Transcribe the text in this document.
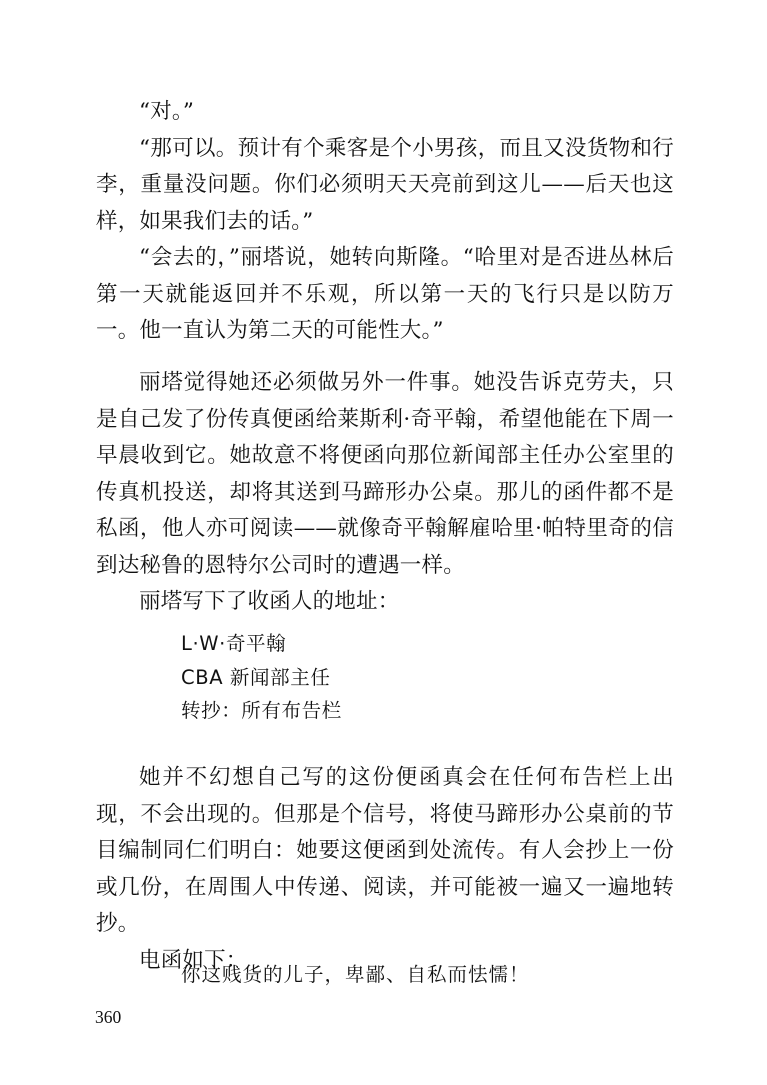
“对。”

“那可以。预计有个乘客是个小男孩，而且又没货物和行李，重量没问题。你们必须明天天亮前到这儿——后天也这样，如果我们去的话。”

“会去的，”丽塔说，她转向斯隆。“哈里对是否进丛林后第一天就能返回并不乐观，所以第一天的飞行只是以防万一。他一直认为第二天的可能性大。”

丽塔觉得她还必须做另外一件事。她没告诉克劳夫，只是自己发了份传真便函给莱斯利·奇平翰，希望他能在下周一早晨收到它。她故意不将便函向那位新闻部主任办公室里的传真机投送，却将其送到马蹄形办公桌。那儿的函件都不是私函，他人亦可阅读——就像奇平翰解雇哈里·帕特里奇的信到达秘鲁的恩特尔公司时的遭遇一样。

丽塔写下了收函人的地址：

L·W·奇平翰

CBA 新闻部主任

转抄：所有布告栏

她并不幻想自己写的这份便函真会在任何布告栏上出现，不会出现的。但那是个信号，将使马蹄形办公桌前的节目编制同仁们明白：她要这便函到处流传。有人会抄上一份或几份，在周围人中传递、阅读，并可能被一遍又一遍地转抄。

电函如下：

你这贱货的儿子，卑鄙、自私而怯懦！

360
